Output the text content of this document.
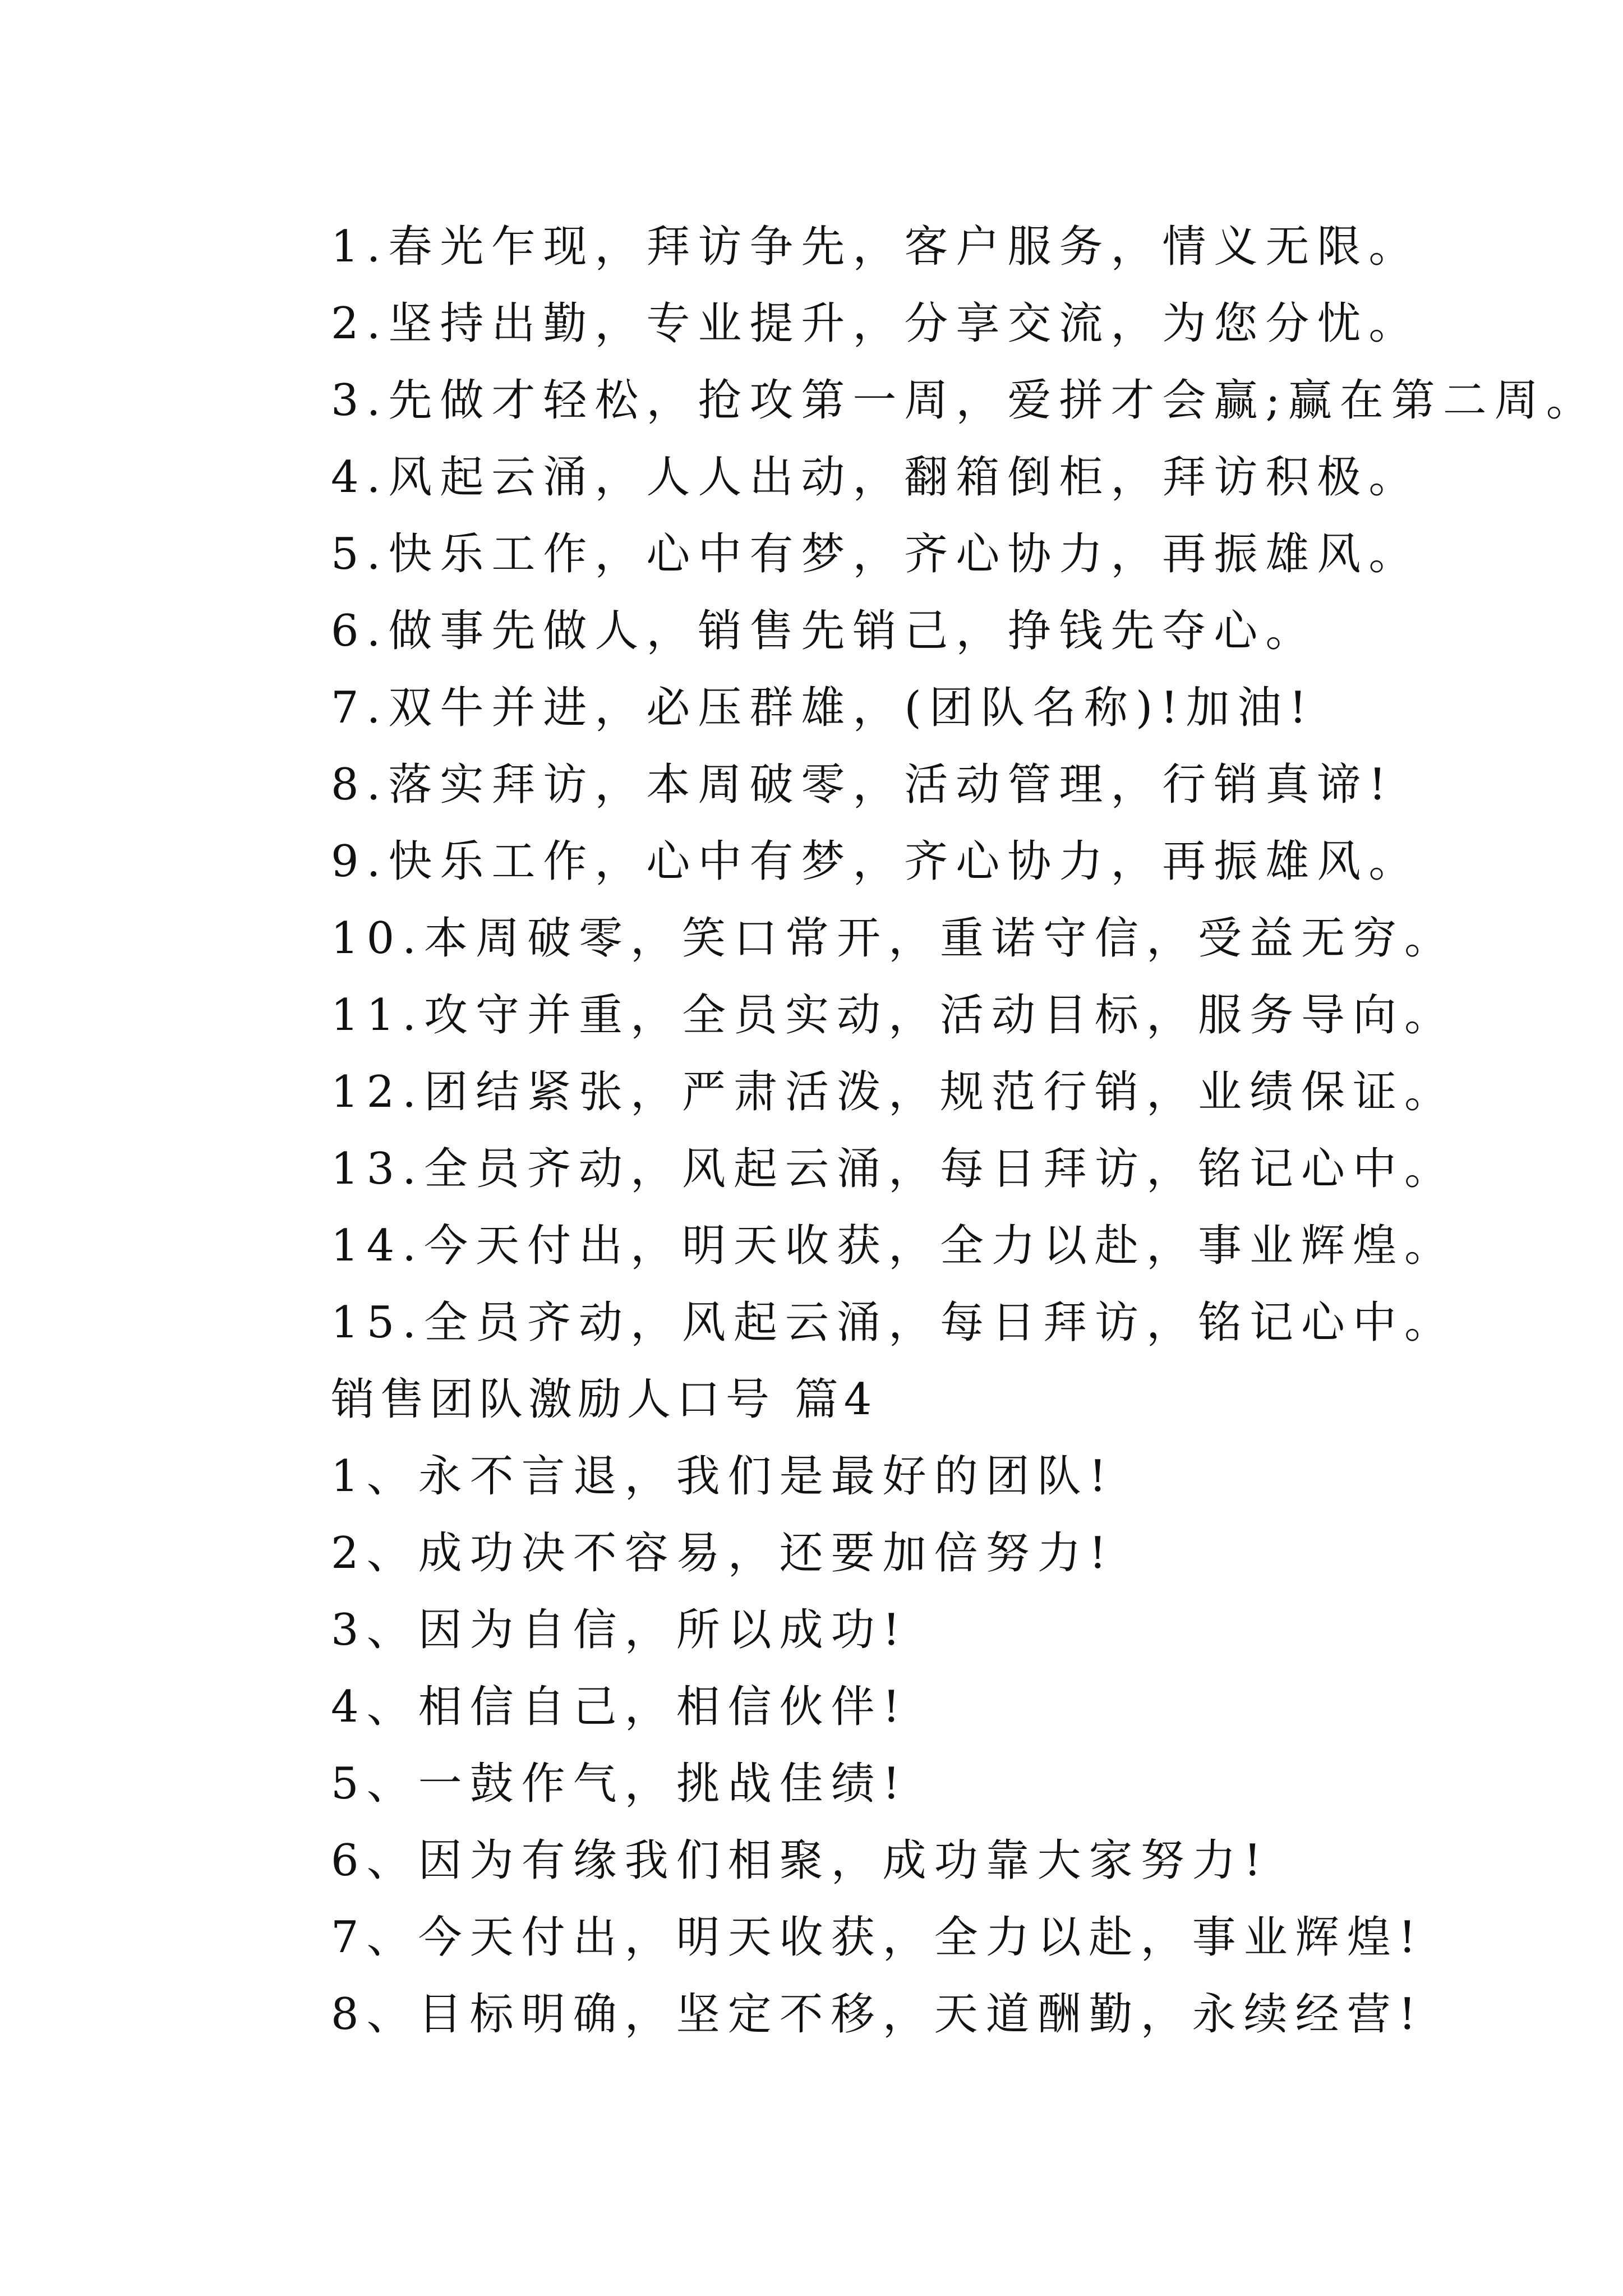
1.春光乍现，拜访争先，客户服务，情义无限。
2.坚持出勤，专业提升，分享交流，为您分忧。
3.先做才轻松，抢攻第一周，爱拼才会赢;赢在第二周。
4.风起云涌，人人出动，翻箱倒柜，拜访积极。
5.快乐工作，心中有梦，齐心协力，再振雄风。
6.做事先做人，销售先销己，挣钱先夺心。
7.双牛并进，必压群雄，(团队名称)!加油!
8.落实拜访，本周破零，活动管理，行销真谛!
9.快乐工作，心中有梦，齐心协力，再振雄风。
10.本周破零，笑口常开，重诺守信，受益无穷。
11.攻守并重，全员实动，活动目标，服务导向。
12.团结紧张，严肃活泼，规范行销，业绩保证。
13.全员齐动，风起云涌，每日拜访，铭记心中。
14.今天付出，明天收获，全力以赴，事业辉煌。
15.全员齐动，风起云涌，每日拜访，铭记心中。
销售团队激励人口号 篇4
1、永不言退，我们是最好的团队!
2、成功决不容易，还要加倍努力!
3、因为自信，所以成功!
4、相信自己，相信伙伴!
5、一鼓作气，挑战佳绩!
6、因为有缘我们相聚，成功靠大家努力!
7、今天付出，明天收获，全力以赴，事业辉煌!
8、目标明确，坚定不移，天道酬勤，永续经营!
